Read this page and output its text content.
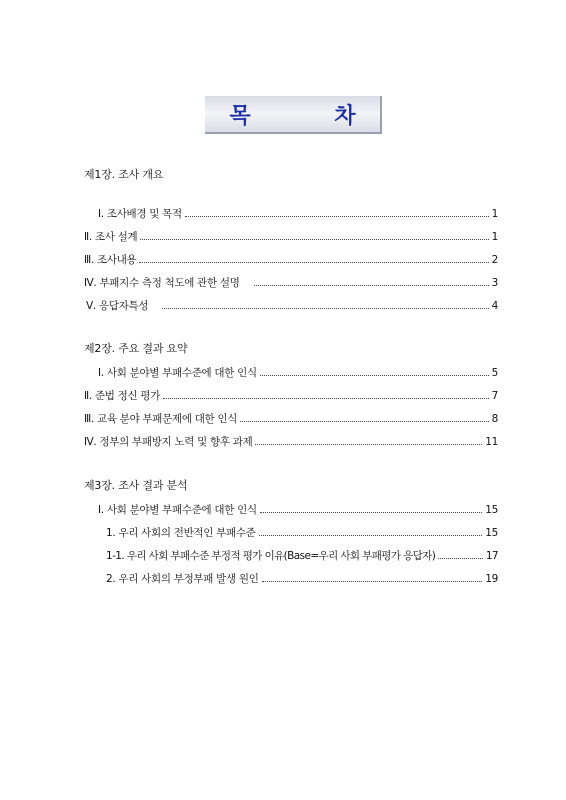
목 차
제1장. 조사 개요
Ⅰ. 조사배경 및 목적	1
Ⅱ. 조사 설계	1
Ⅲ. 조사내용	2
Ⅳ. 부패지수 측정 척도에 관한 설명	3
Ⅴ. 응답자특성	4
제2장. 주요 결과 요약
Ⅰ. 사회 분야별 부패수준에 대한 인식	5
Ⅱ. 준법 정신 평가	7
Ⅲ. 교육 분야 부패문제에 대한 인식	8
Ⅳ. 정부의 부패방지 노력 및 향후 과제	11
제3장. 조사 결과 분석
Ⅰ. 사회 분야별 부패수준에 대한 인식	15
1. 우리 사회의 전반적인 부패수준	15
1-1. 우리 사회 부패수준 부정적 평가 이유(Base=우리 사회 부패평가 응답자)	17
2. 우리 사회의 부정부패 발생 원인	19
